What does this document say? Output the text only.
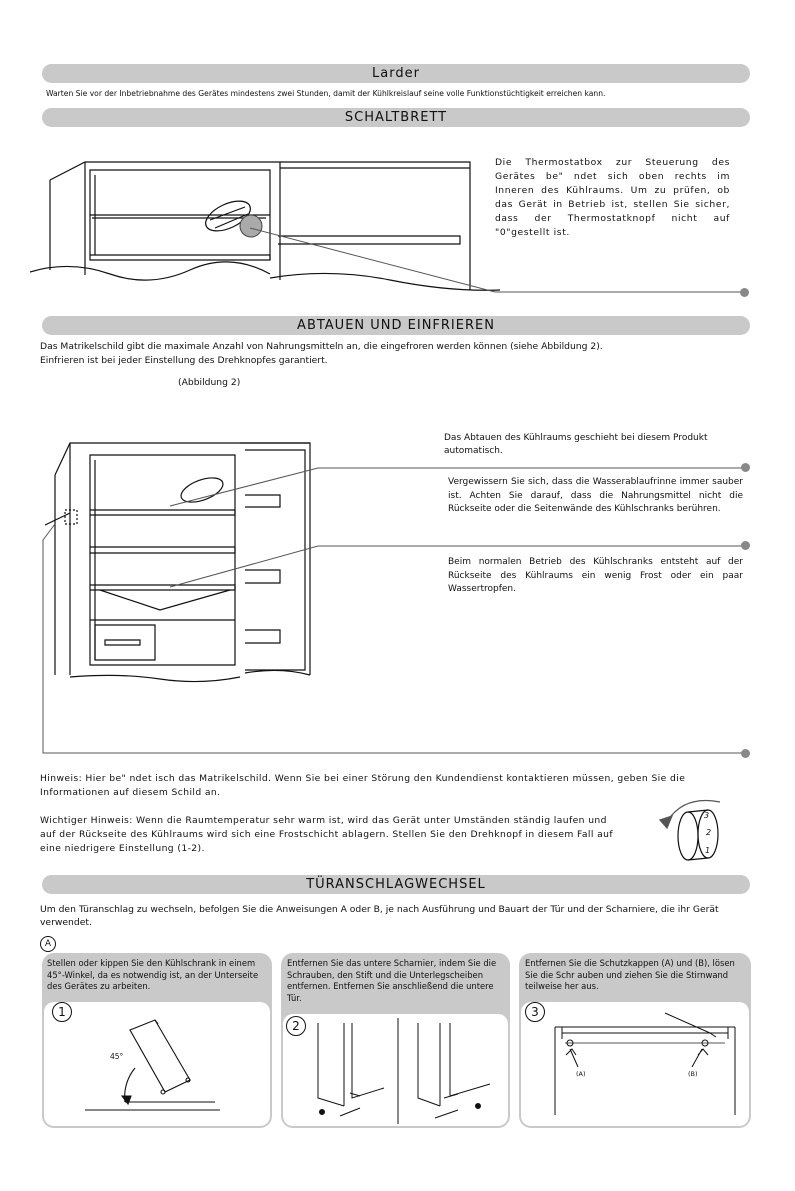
Larder
Warten Sie vor der Inbetriebnahme des Gerätes mindestens zwei Stunden, damit der Kühlkreislauf seine volle Funktionstüchtigkeit erreichen kann.
SCHALTBRETT
Die Thermostatbox zur Steuerung des Gerätes be" ndet sich oben rechts im Inneren des Kühlraums. Um zu prüfen, ob das Gerät in Betrieb ist, stellen Sie sicher, dass der Thermostatknopf nicht auf "0"gestellt ist.
ABTAUEN UND EINFRIEREN
Das Matrikelschild gibt die maximale Anzahl von Nahrungsmitteln an, die eingefroren werden können (siehe Abbildung 2).
Einfrieren ist bei jeder Einstellung des Drehknopfes garantiert.
(Abbildung 2)
Das Abtauen des Kühlraums geschieht bei diesem Produkt automatisch.
Vergewissern Sie sich, dass die Wasserablaufrinne immer sauber ist. Achten Sie darauf, dass die Nahrungsmittel nicht die Rückseite oder die Seitenwände des Kühlschranks berühren.
Beim normalen Betrieb des Kühlschranks entsteht auf der Rückseite des Kühlraums ein wenig Frost oder ein paar Wassertropfen.
Hinweis: Hier be" ndet isch das Matrikelschild. Wenn Sie bei einer Störung den Kundendienst kontaktieren müssen, geben Sie die Informationen auf diesem Schild an.
Wichtiger Hinweis: Wenn die Raumtemperatur sehr warm ist, wird das Gerät unter Umständen ständig laufen und auf der Rückseite des Kühlraums wird sich eine Frostschicht ablagern. Stellen Sie den Drehknopf in diesem Fall auf eine niedrigere Einstellung (1-2).
3
2
1
TÜRANSCHLAGWECHSEL
Um den Türanschlag zu wechseln, befolgen Sie die Anweisungen A oder B, je nach Ausführung und Bauart der Tür und der Scharniere, die ihr Gerät verwendet.
A
Stellen oder kippen Sie den Kühlschrank in einem 45°-Winkel, da es notwendig ist, an der Unterseite des Gerätes zu arbeiten.
1
45°
Entfernen Sie das untere Scharnier, indem Sie die Schrauben, den Stift und die Unterlegscheiben entfernen. Entfernen Sie anschließend die untere Tür.
2
Entfernen Sie die Schutzkappen (A) und (B), lösen Sie die Schr auben und ziehen Sie die Stirnwand teilweise her aus.
3
(A)	(B)
